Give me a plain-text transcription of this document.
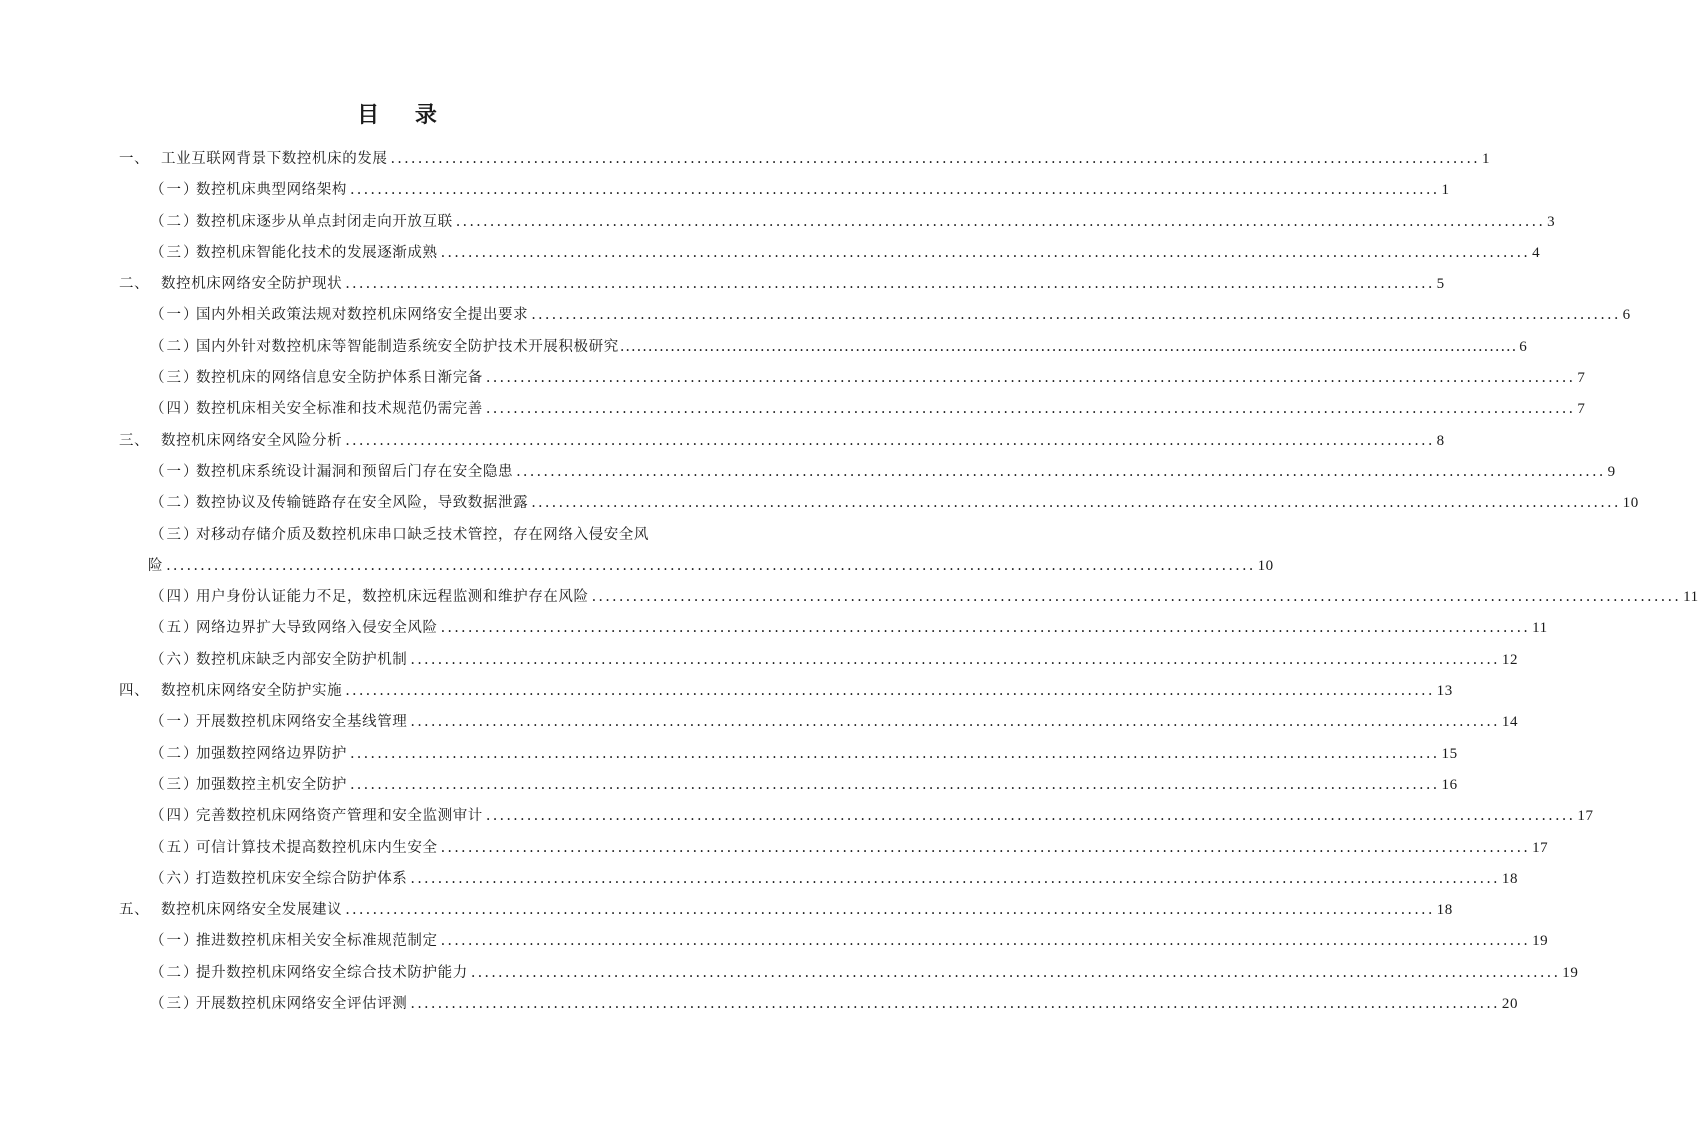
目 录
一、 工业互联网背景下数控机床的发展 ................................................................................................................................................................ 1
（一）
数控机床典型网络架构 ................................................................................................................................................................ 1
（二）
数控机床逐步从单点封闭走向开放互联 ................................................................................................................................................................ 3
（三）
数控机床智能化技术的发展逐渐成熟 ................................................................................................................................................................ 4
二、 数控机床网络安全防护现状 ................................................................................................................................................................ 5
（一）
国内外相关政策法规对数控机床网络安全提出要求 ................................................................................................................................................................ 6
（二）
国内外针对数控机床等智能制造系统安全防护技术开展积极研究 ................................................................................................................................................................ 6
（三）
数控机床的网络信息安全防护体系日渐完备 ................................................................................................................................................................ 7
（四）
数控机床相关安全标准和技术规范仍需完善 ................................................................................................................................................................ 7
三、 数控机床网络安全风险分析 ................................................................................................................................................................ 8
（一）
数控机床系统设计漏洞和预留后门存在安全隐患 ................................................................................................................................................................ 9
（二）
数控协议及传输链路存在安全风险，导致数据泄露 ................................................................................................................................................................ 10
（三）
对移动存储介质及数控机床串口缺乏技术管控，存在网络入侵安全风
险 ................................................................................................................................................................ 10
（四）
用户身份认证能力不足，数控机床远程监测和维护存在风险 ................................................................................................................................................................ 11
（五）
网络边界扩大导致网络入侵安全风险 ................................................................................................................................................................ 11
（六）
数控机床缺乏内部安全防护机制 ................................................................................................................................................................ 12
四、 数控机床网络安全防护实施 ................................................................................................................................................................ 13
（一）
开展数控机床网络安全基线管理 ................................................................................................................................................................ 14
（二）
加强数控网络边界防护 ................................................................................................................................................................ 15
（三）
加强数控主机安全防护 ................................................................................................................................................................ 16
（四）
完善数控机床网络资产管理和安全监测审计 ................................................................................................................................................................ 17
（五）
可信计算技术提高数控机床内生安全 ................................................................................................................................................................ 17
（六）
打造数控机床安全综合防护体系 ................................................................................................................................................................ 18
五、 数控机床网络安全发展建议 ................................................................................................................................................................ 18
（一）
推进数控机床相关安全标准规范制定 ................................................................................................................................................................ 19
（二）
提升数控机床网络安全综合技术防护能力 ................................................................................................................................................................ 19
（三）
开展数控机床网络安全评估评测 ................................................................................................................................................................ 20
